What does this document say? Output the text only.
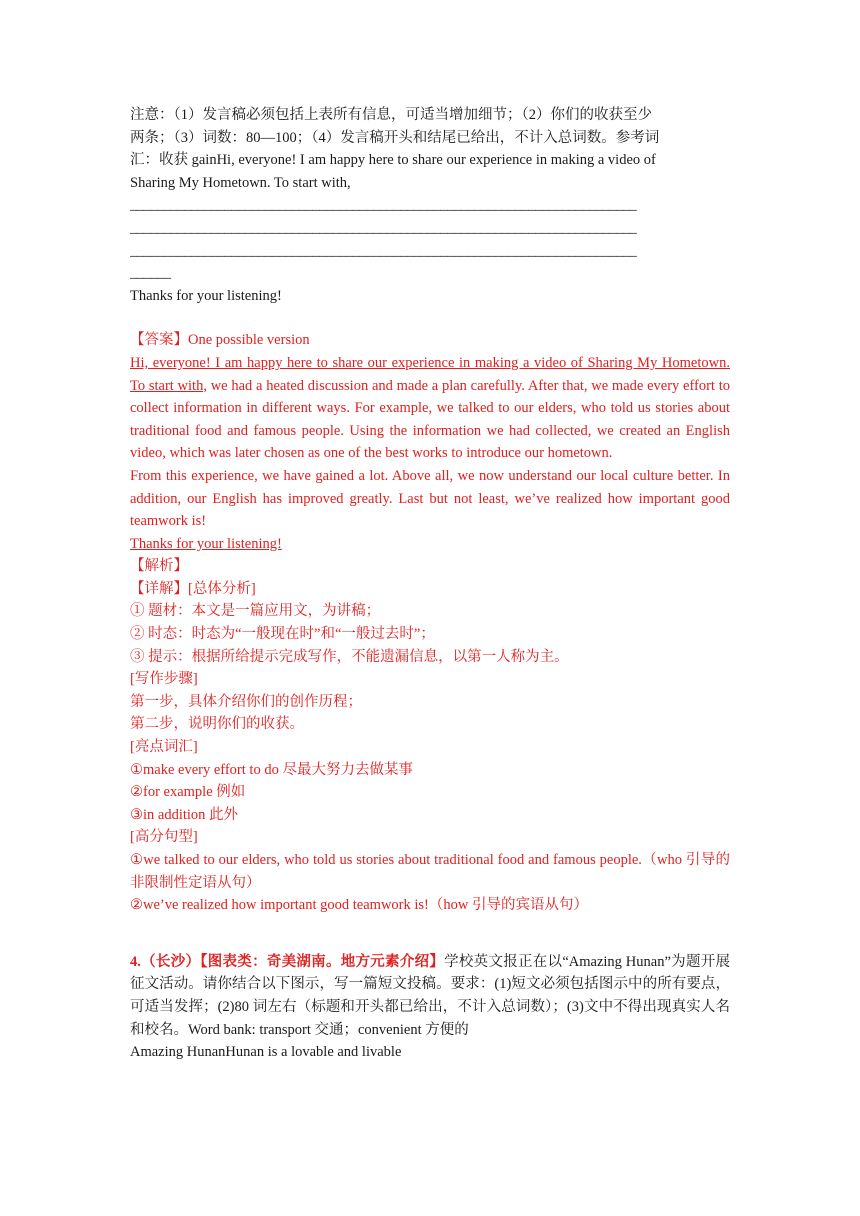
注意：（1）发言稿必须包括上表所有信息，可适当增加细节；（2）你们的收获至少

两条；（3）词数：80—100；（4）发言稿开头和结尾已给出，不计入总词数。参考词

汇：收获 gainHi, everyone! I am happy here to share our experience in making a video of

Sharing My Hometown. To start with,

___________________________________________________________________________

___________________________________________________________________________

___________________________________________________________________________

______

Thanks for your listening!

【答案】One possible version

Hi, everyone! I am happy here to share our experience in making a video of Sharing My Hometown. To start with, we had a heated discussion and made a plan carefully. After that, we made every effort to collect information in different ways. For example, we talked to our elders, who told us stories about traditional food and famous people. Using the information we had collected, we created an English video, which was later chosen as one of the best works to introduce our hometown.

From this experience, we have gained a lot. Above all, we now understand our local culture better. In addition, our English has improved greatly. Last but not least, we’ve realized how important good teamwork is!

Thanks for your listening!

【解析】

【详解】[总体分析]

① 题材：本文是一篇应用文，为讲稿；

② 时态：时态为“一般现在时”和“一般过去时”；

③ 提示：根据所给提示完成写作，不能遗漏信息，以第一人称为主。

[写作步骤]

第一步，具体介绍你们的创作历程；

第二步，说明你们的收获。

[亮点词汇]

①make every effort to do 尽最大努力去做某事

②for example 例如

③in addition 此外

[高分句型]

①we talked to our elders, who told us stories about traditional food and famous people.（who 引导的非限制性定语从句）

②we’ve realized how important good teamwork is!（how 引导的宾语从句）

4.（长沙）【图表类：奇美湖南。地方元素介绍】学校英文报正在以“Amazing Hunan”为题开展征文活动。请你结合以下图示，写一篇短文投稿。要求：(1)短文必须包括图示中的所有要点，可适当发挥；(2)80 词左右（标题和开头都已给出，不计入总词数）；(3)文中不得出现真实人名和校名。Word bank: transport 交通；convenient 方便的

Amazing HunanHunan is a lovable and livable
